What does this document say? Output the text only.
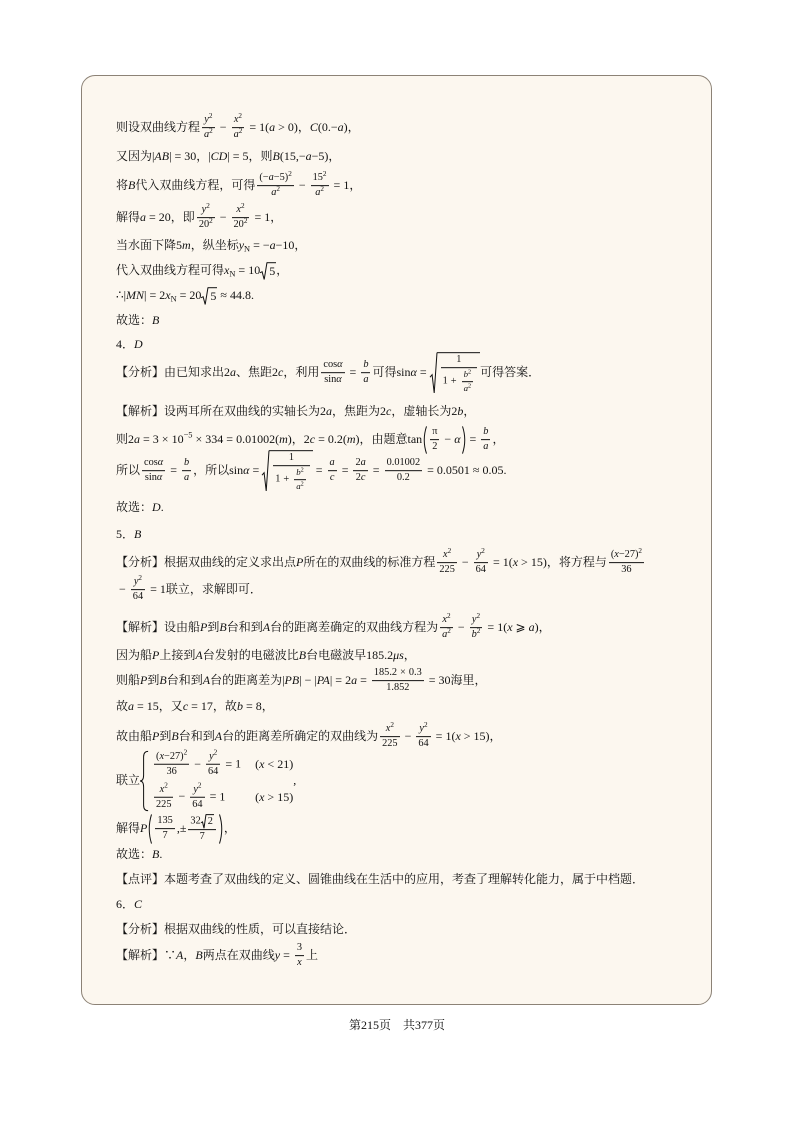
则设双曲线方程 $\frac{y^2}{a^2} - \frac{x^2}{a^2} = 1(a > 0)$，C(0.−a)，
又因为|AB| = 30，|CD| = 5，则B(15,−a−5)，
将B代入双曲线方程，可得 $\frac{(-a-5)^2}{a^2} - \frac{15^2}{a^2} = 1$，
解得a = 20，即 $\frac{y^2}{20^2} - \frac{x^2}{20^2} = 1$，
当水面下降5m，纵坐标$y_N = -a-10$，
代入双曲线方程可得$x_N = 10$ 5 ，
∴|MN| = $2x_N = 20$ 5 ≈ 44.8.
故选：B
4．D
【分析】由已知求出2a、焦距2c，利用 $\frac{\cos\alpha}{\sin\alpha} = \frac{b}{a}$ 可得$\sin\alpha = \frac{1}{1 + \frac{b^2}{a^2}}$ 可得答案．
【解析】设两耳所在双曲线的实轴长为2a，焦距为2c，虚轴长为2b，
则$2a = 3 \times 10^{-5} \times 334 = 0.01002(m)$，2c = 0.2(m)，由题意$\tan \frac{\pi}{2} - \alpha = \frac{b}{a}$ ，
所以 $\frac{\cos\alpha}{\sin\alpha} = \frac{b}{a}$ ，所以$\sin\alpha = \frac{1}{1 + \frac{b^2}{a^2}} = \frac{a}{c} = \frac{2a}{2c} = \frac{0.01002}{0.2} = 0.0501 \approx 0.05$.
故选：D.
5．B
【分析】根据双曲线的定义求出点P所在的双曲线的标准方程 $\frac{x^2}{225} - \frac{y^2}{64} = 1(x > 15)$，将方程与 $\frac{(x-27)^2}{36}$
− $\frac{y^2}{64} = 1$联立，求解即可．
【解析】设由船P到B台和到A台的距离差确定的双曲线方程为 $\frac{x^2}{a^2} - \frac{y^2}{b^2} = 1(x$ ⩾ a)，
因为船P上接到A台发射的电磁波比B台电磁波早185.2μs，
则船P到B台和到A台的距离差为$|PB| - |PA| = 2a = \frac{185.2 \times 0.3}{1.852} = 30$海里，
故a = 15，又c = 17，故b = 8，
故由船P到B台和到A台的距离差所确定的双曲线为 $\frac{x^2}{225} - \frac{y^2}{64} = 1(x > 15)$，
联立
$\frac{(x-27)^2}{36} - \frac{y^2}{64} = 1$ (x < 21)
$\frac{x^2}{225} - \frac{y^2}{64} = 1$	(x > 15)
,
解得P $\frac{135}{7}$ ,± $\frac{32 2}{7}$ ，
故选：B.
【点评】本题考查了双曲线的定义、圆锥曲线在生活中的应用，考查了理解转化能力，属于中档题．
6．C
【分析】根据双曲线的性质，可以直接结论．
【解析】∵A，B两点在双曲线$y = \frac{3}{x}$ 上
第215页 共377页
